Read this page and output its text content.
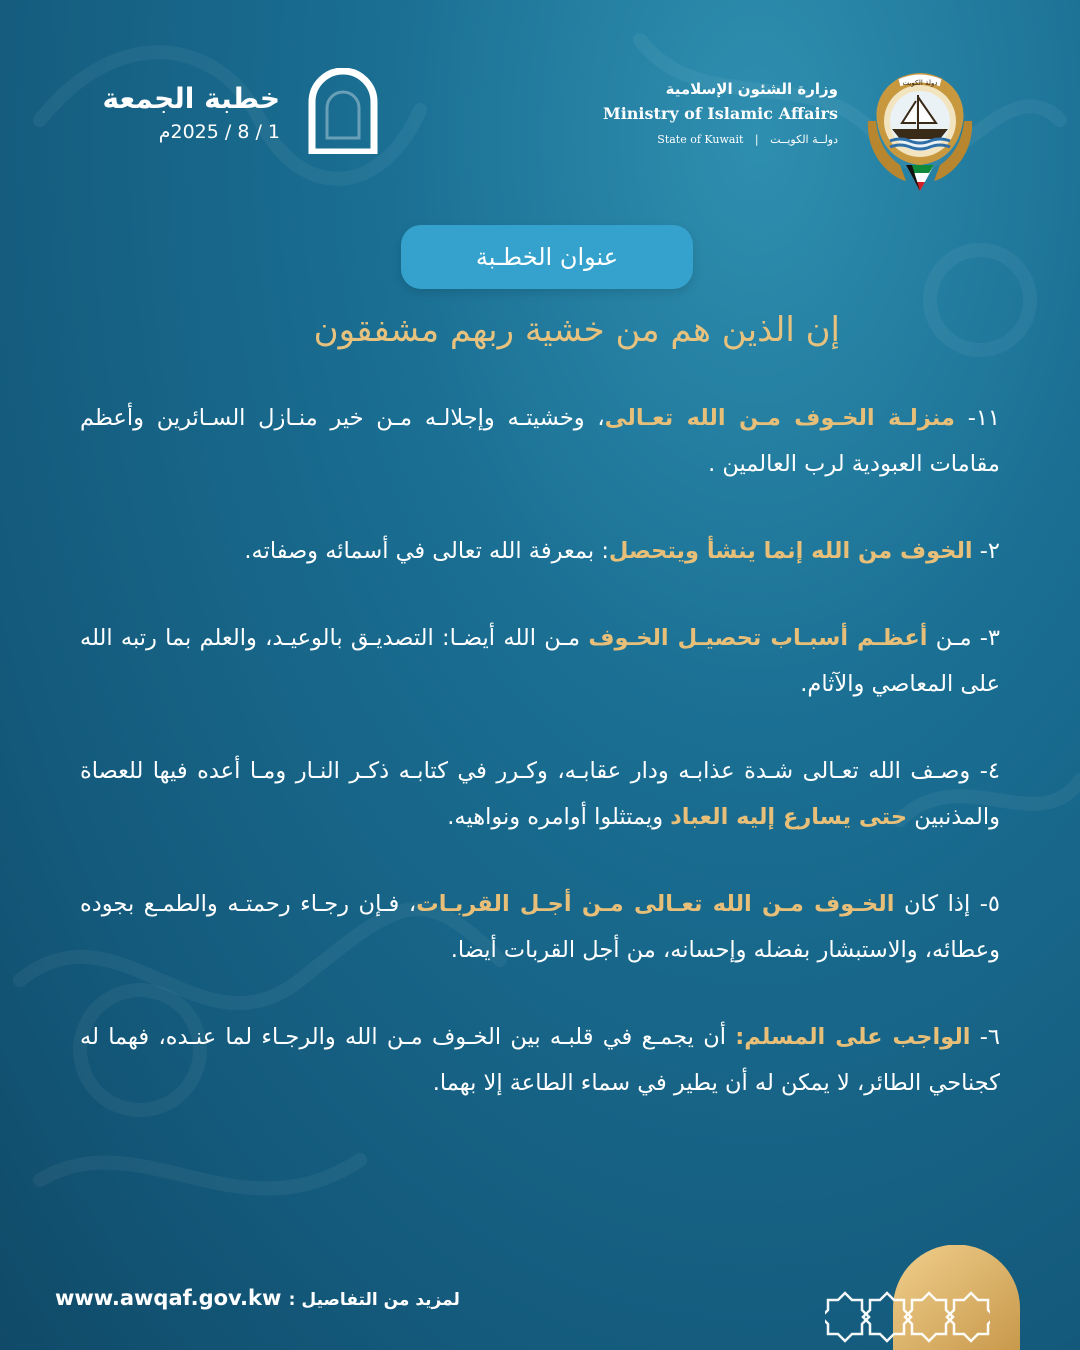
دولة الكويت
وزارة الشئون الإسلامية
Ministry of Islamic Affairs
State of Kuwait | دولــة الكويــت
خطبة الجمعة
1 / 8 / 2025م
عنوان الخطـبة
إن الذين هم من خشية ربهم مشفقون
١١- منزلـة الخـوف مـن الله تعـالى، وخشيتـه وإجلالـه مـن خير منـازل السـائرين وأعظم مقامات العبودية لرب العالمين .
٢- الخوف من الله إنما ينشأ ويتحصل: بمعرفة الله تعالى في أسمائه وصفاته.
٣- مـن أعظـم أسبـاب تحصيـل الخـوف مـن الله أيضـا: التصديـق بالوعيـد، والعلم بما رتبه الله على المعاصي والآثام.
٤- وصـف الله تعـالى شـدة عذابـه ودار عقابـه، وكـرر في كتابـه ذكـر النـار ومـا أعده فيها للعصاة والمذنبين حتى يسارع إليه العباد ويمتثلوا أوامره ونواهيه.
٥- إذا كان الخـوف مـن الله تعـالى مـن أجـل القربـات، فـإن رجـاء رحمتـه والطمـع بجوده وعطائه، والاستبشار بفضله وإحسانه، من أجل القربات أيضا.
٦- الواجب على المسلم: أن يجمـع في قلبـه بين الخـوف مـن الله والرجـاء لما عنـده، فهما له كجناحي الطائر، لا يمكن له أن يطير في سماء الطاعة إلا بهما.
لمزيد من التفاصيل : www.awqaf.gov.kw
